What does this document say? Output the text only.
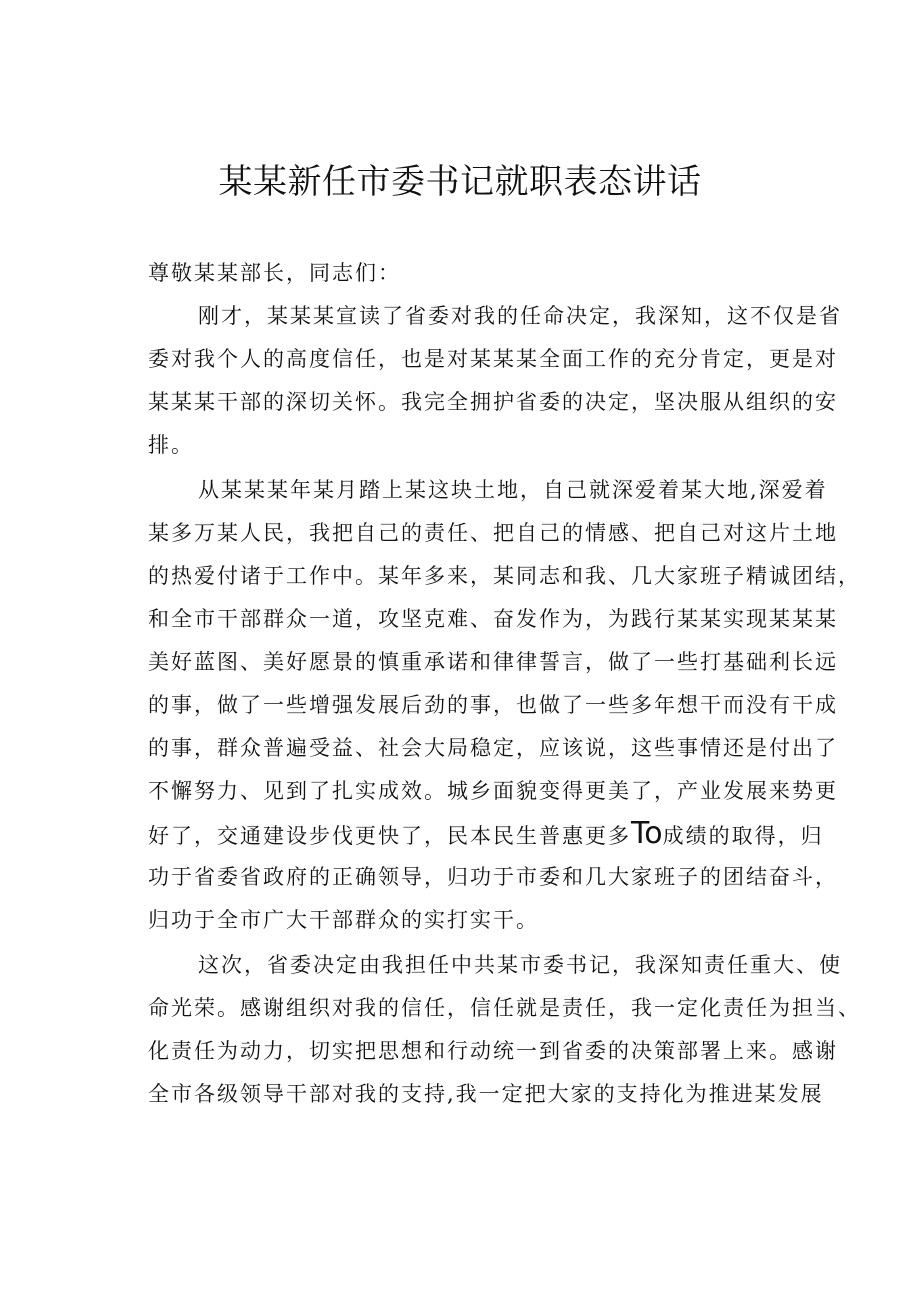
某某新任市委书记就职表态讲话
尊敬某某部长，同志们：
刚才，某某某宣读了省委对我的任命决定，我深知，这不仅是省
委对我个人的高度信任，也是对某某某全面工作的充分肯定，更是对
某某某干部的深切关怀。我完全拥护省委的决定，坚决服从组织的安
排。
从某某某年某月踏上某这块土地，自己就深爱着某大地,深爱着
某多万某人民，我把自己的责任、把自己的情感、把自己对这片土地
的热爱付诸于工作中。某年多来，某同志和我、几大家班子精诚团结，
和全市干部群众一道，攻坚克难、奋发作为，为践行某某实现某某某
美好蓝图、美好愿景的慎重承诺和律律誓言，做了一些打基础利长远
的事，做了一些增强发展后劲的事，也做了一些多年想干而没有干成
的事，群众普遍受益、社会大局稳定，应该说，这些事情还是付出了
不懈努力、见到了扎实成效。城乡面貌变得更美了，产业发展来势更
好了，交通建设步伐更快了，民本民生普惠更多To成绩的取得，归
功于省委省政府的正确领导，归功于市委和几大家班子的团结奋斗，
归功于全市广大干部群众的实打实干。
这次，省委决定由我担任中共某市委书记，我深知责任重大、使
命光荣。感谢组织对我的信任，信任就是责任，我一定化责任为担当、
化责任为动力，切实把思想和行动统一到省委的决策部署上来。感谢
全市各级领导干部对我的支持,我一定把大家的支持化为推进某发展
